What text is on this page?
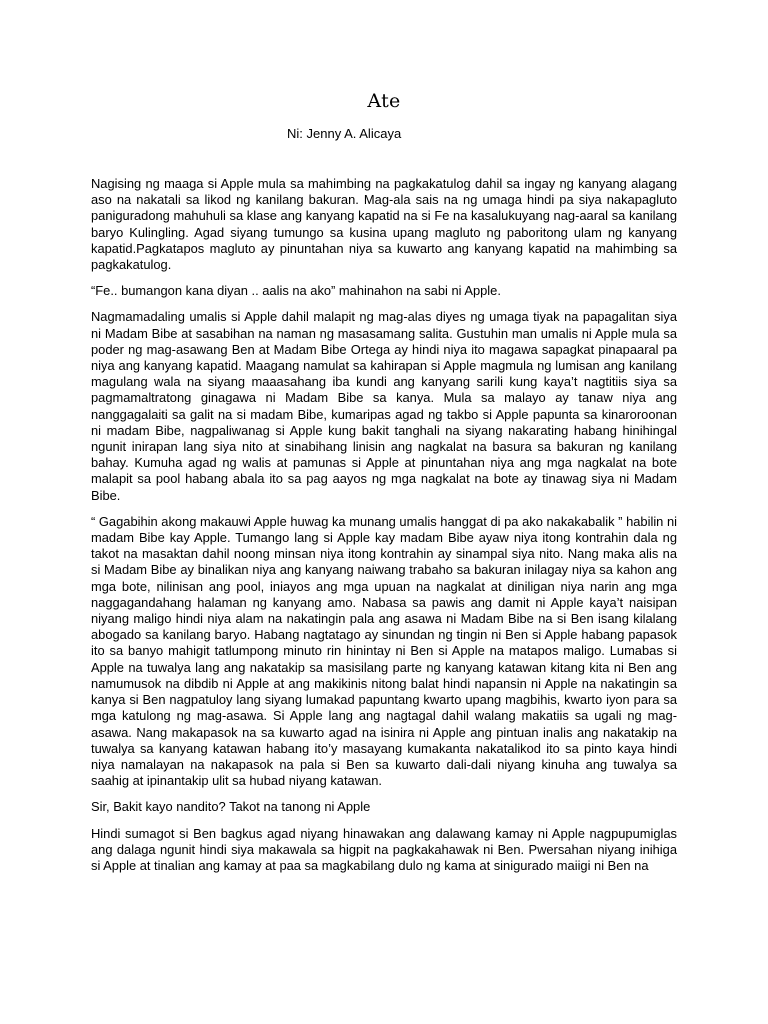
Ate
Ni: Jenny A. Alicaya

Nagising ng maaga si Apple mula sa mahimbing na pagkakatulog dahil sa ingay ng kanyang alagang aso na nakatali sa likod ng kanilang bakuran. Mag-ala sais na ng umaga hindi pa siya nakapagluto paniguradong mahuhuli sa klase ang kanyang kapatid na si Fe na kasalukuyang nag-aaral sa kanilang baryo Kulingling. Agad siyang tumungo sa kusina upang magluto ng paboritong ulam ng kanyang kapatid.Pagkatapos magluto ay pinuntahan niya sa kuwarto ang kanyang kapatid na mahimbing sa pagkakatulog.

“Fe.. bumangon kana diyan .. aalis na ako” mahinahon na sabi ni Apple.

Nagmamadaling umalis si Apple dahil malapit ng mag-alas diyes ng umaga tiyak na papagalitan siya ni Madam Bibe at sasabihan na naman ng masasamang salita. Gustuhin man umalis ni Apple mula sa poder ng mag-asawang Ben at Madam Bibe Ortega ay hindi niya ito magawa sapagkat pinapaaral pa niya ang kanyang kapatid. Maagang namulat sa kahirapan si Apple magmula ng lumisan ang kanilang magulang wala na siyang maaasahang iba kundi ang kanyang sarili kung kaya’t nagtitiis siya sa pagmamaltratong ginagawa ni Madam Bibe sa kanya. Mula sa malayo ay tanaw niya ang nanggagalaiti sa galit na si madam Bibe, kumaripas agad ng takbo si Apple papunta sa kinaroroonan ni madam Bibe, nagpaliwanag si Apple kung bakit tanghali na siyang nakarating habang hinihingal ngunit inirapan lang siya nito at sinabihang linisin ang nagkalat na basura sa bakuran ng kanilang bahay. Kumuha agad ng walis at pamunas si Apple at pinuntahan niya ang mga nagkalat na bote malapit sa pool habang abala ito sa pag aayos ng mga nagkalat na bote ay tinawag siya ni Madam Bibe.

“ Gagabihin akong makauwi Apple huwag ka munang umalis hanggat di pa ako nakakabalik ” habilin ni madam Bibe kay Apple. Tumango lang si Apple kay madam Bibe ayaw niya itong kontrahin dala ng takot na masaktan dahil noong minsan niya itong kontrahin ay sinampal siya nito. Nang maka alis na si Madam Bibe ay binalikan niya ang kanyang naiwang trabaho sa bakuran inilagay niya sa kahon ang mga bote, nilinisan ang pool, iniayos ang mga upuan na nagkalat at diniligan niya narin ang mga naggagandahang halaman ng kanyang amo. Nabasa sa pawis ang damit ni Apple kaya’t naisipan niyang maligo hindi niya alam na nakatingin pala ang asawa ni Madam Bibe na si Ben isang kilalang abogado sa kanilang baryo. Habang nagtatago ay sinundan ng tingin ni Ben si Apple habang papasok ito sa banyo mahigit tatlumpong minuto rin hinintay ni Ben si Apple na matapos maligo. Lumabas si Apple na tuwalya lang ang nakatakip sa masisilang parte ng kanyang katawan kitang kita ni Ben ang namumusok na dibdib ni Apple at ang makikinis nitong balat hindi napansin ni Apple na nakatingin sa kanya si Ben nagpatuloy lang siyang lumakad papuntang kwarto upang magbihis, kwarto iyon para sa mga katulong ng mag-asawa. Si Apple lang ang nagtagal dahil walang makatiis sa ugali ng mag-asawa. Nang makapasok na sa kuwarto agad na isinira ni Apple ang pintuan inalis ang nakatakip na tuwalya sa kanyang katawan habang ito’y masayang kumakanta nakatalikod ito sa pinto kaya hindi niya namalayan na nakapasok na pala si Ben sa kuwarto dali-dali niyang kinuha ang tuwalya sa saahig at ipinantakip ulit sa hubad niyang katawan.

Sir, Bakit kayo nandito? Takot na tanong ni Apple

Hindi sumagot si Ben bagkus agad niyang hinawakan ang dalawang kamay ni Apple nagpupumiglas ang dalaga ngunit hindi siya makawala sa higpit na pagkakahawak ni Ben. Pwersahan niyang inihiga si Apple at tinalian ang kamay at paa sa magkabilang dulo ng kama at sinigurado maiigi ni Ben na
